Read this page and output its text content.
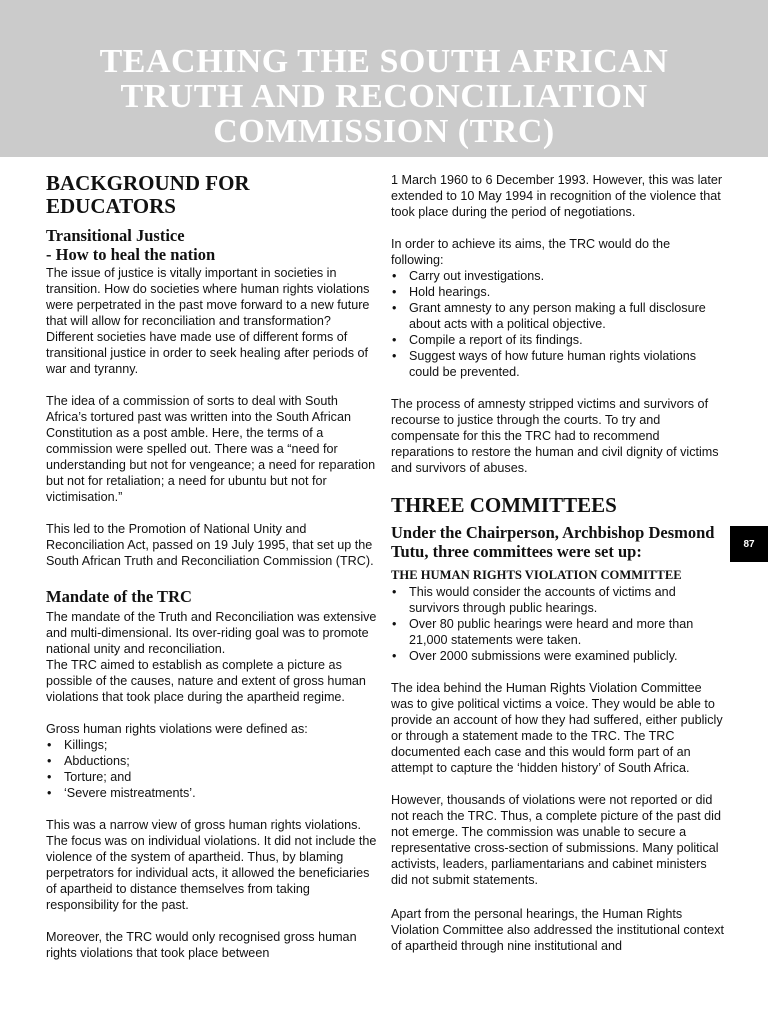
TEACHING THE SOUTH AFRICAN
TRUTH AND RECONCILIATION
COMMISSION (TRC)
BACKGROUND FOR
EDUCATORS
Transitional Justice
- How to heal the nation

The issue of justice is vitally important in societies in transition. How do societies where human rights violations were perpetrated in the past move forward to a new future that will allow for reconciliation and transformation? Different societies have made use of different forms of transitional justice in order to seek healing after periods of war and tyranny.

The idea of a commission of sorts to deal with South Africa’s tortured past was written into the South African Constitution as a post amble. Here, the terms of a commission were spelled out. There was a “need for understanding but not for vengeance; a need for reparation but not for retaliation; a need for ubuntu but not for victimisation.”

This led to the Promotion of National Unity and Reconciliation Act, passed on 19 July 1995, that set up the South African Truth and Reconciliation Commission (TRC).

Mandate of the TRC

The mandate of the Truth and Reconciliation was extensive and multi-dimensional. Its over-riding goal was to promote national unity and reconciliation.

The TRC aimed to establish as complete a picture as possible of the causes, nature and extent of gross human violations that took place during the apartheid regime.

Gross human rights violations were defined as:

• Killings;
• Abductions;
• Torture; and
• ‘Severe mistreatments’.

This was a narrow view of gross human rights violations. The focus was on individual violations. It did not include the violence of the system of apartheid. Thus, by blaming perpetrators for individual acts, it allowed the beneficiaries of apartheid to distance themselves from taking responsibility for the past.

Moreover, the TRC would only recognised gross human rights violations that took place between

1 March 1960 to 6 December 1993. However, this was later extended to 10 May 1994 in recognition of the violence that took place during the period of negotiations.

In order to achieve its aims, the TRC would do the following:

• Carry out investigations.
• Hold hearings.
• Grant amnesty to any person making a full disclosure about acts with a political objective.
• Compile a report of its findings.
• Suggest ways of how future human rights violations could be prevented.

The process of amnesty stripped victims and survivors of recourse to justice through the courts. To try and compensate for this the TRC had to recommend reparations to restore the human and civil dignity of victims and survivors of abuses.

THREE COMMITTEES
Under the Chairperson, Archbishop Desmond Tutu, three committees were set up:
THE HUMAN RIGHTS VIOLATION COMMITTEE
• This would consider the accounts of victims and survivors through public hearings.
• Over 80 public hearings were heard and more than 21,000 statements were taken.
• Over 2000 submissions were examined publicly.

The idea behind the Human Rights Violation Committee was to give political victims a voice. They would be able to provide an account of how they had suffered, either publicly or through a statement made to the TRC. The TRC documented each case and this would form part of an attempt to capture the ‘hidden history’ of South Africa.

However, thousands of violations were not reported or did not reach the TRC. Thus, a complete picture of the past did not emerge. The commission was unable to secure a representative cross-section of submissions. Many political activists, leaders, parliamentarians and cabinet ministers did not submit statements.

Apart from the personal hearings, the Human Rights Violation Committee also addressed the institutional context of apartheid through nine institutional and

87
